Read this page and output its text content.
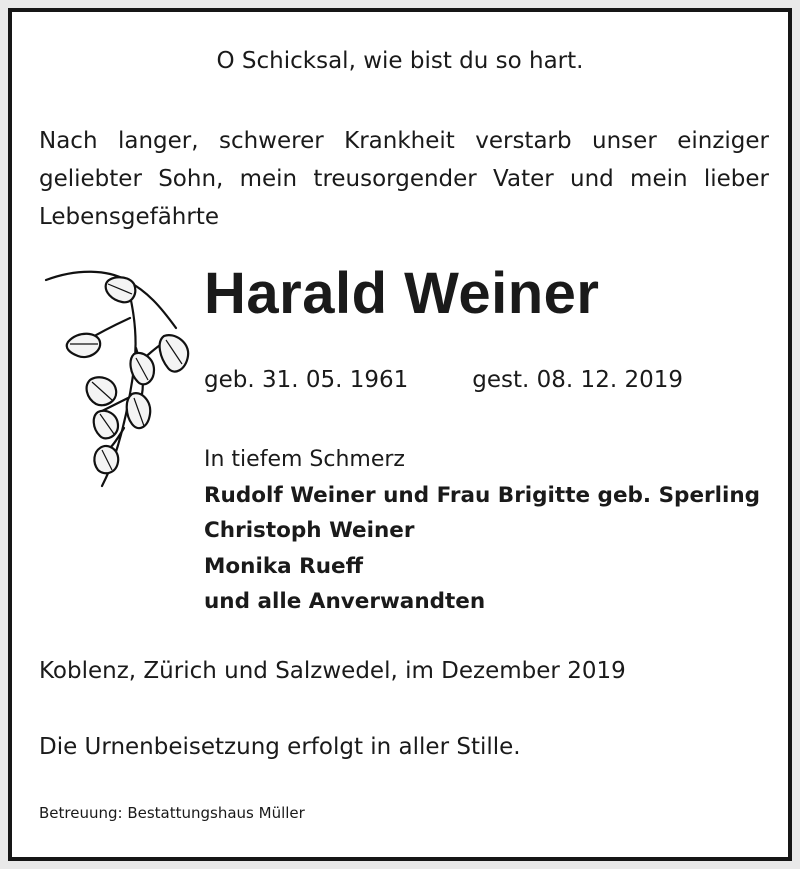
O Schicksal, wie bist du so hart.
Nach langer, schwerer Krankheit verstarb unser einziger geliebter Sohn, mein treusorgender Vater und mein lieber Lebensgefährte
Harald Weiner
geb. 31. 05. 1961	gest. 08. 12. 2019
In tiefem Schmerz
Rudolf Weiner und Frau Brigitte geb. Sperling
Christoph Weiner
Monika Rueff
und alle Anverwandten
Koblenz, Zürich und Salzwedel, im Dezember 2019
Die Urnenbeisetzung erfolgt in aller Stille.
Betreuung: Bestattungshaus Müller
